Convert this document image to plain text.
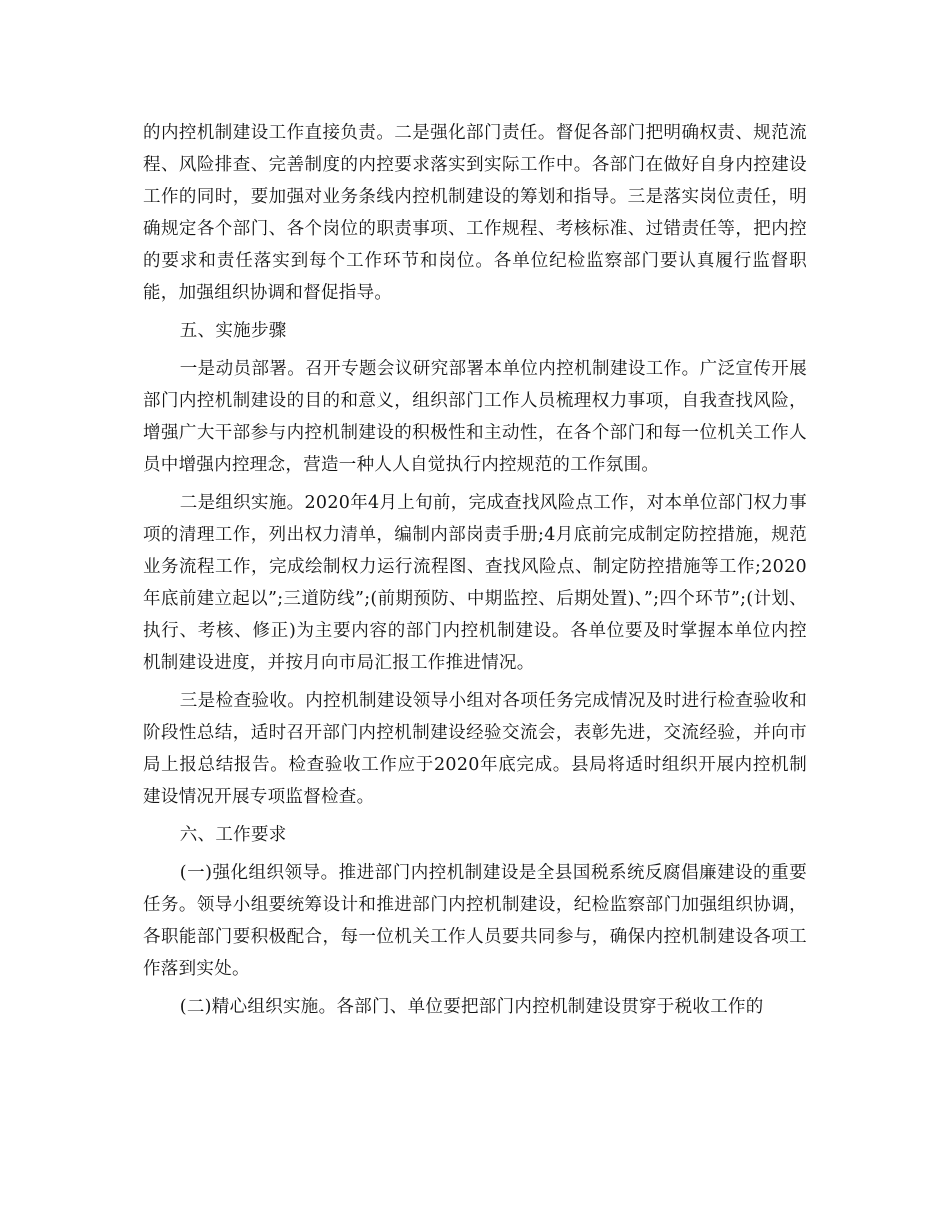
的内控机制建设工作直接负责。二是强化部门责任。督促各部门把明确权责、规范流程、风险排查、完善制度的内控要求落实到实际工作中。各部门在做好自身内控建设工作的同时，要加强对业务条线内控机制建设的筹划和指导。三是落实岗位责任，明确规定各个部门、各个岗位的职责事项、工作规程、考核标准、过错责任等，把内控的要求和责任落实到每个工作环节和岗位。各单位纪检监察部门要认真履行监督职能，加强组织协调和督促指导。

五、实施步骤

一是动员部署。召开专题会议研究部署本单位内控机制建设工作。广泛宣传开展部门内控机制建设的目的和意义，组织部门工作人员梳理权力事项，自我查找风险，增强广大干部参与内控机制建设的积极性和主动性，在各个部门和每一位机关工作人员中增强内控理念，营造一种人人自觉执行内控规范的工作氛围。

二是组织实施。2020年4月上旬前，完成查找风险点工作，对本单位部门权力事项的清理工作，列出权力清单，编制内部岗责手册;4月底前完成制定防控措施，规范业务流程工作，完成绘制权力运行流程图、查找风险点、制定防控措施等工作;2020年底前建立起以”;三道防线”;(前期预防、中期监控、后期处置)、”;四个环节”;(计划、执行、考核、修正)为主要内容的部门内控机制建设。各单位要及时掌握本单位内控机制建设进度，并按月向市局汇报工作推进情况。

三是检查验收。内控机制建设领导小组对各项任务完成情况及时进行检查验收和阶段性总结，适时召开部门内控机制建设经验交流会，表彰先进，交流经验，并向市局上报总结报告。检查验收工作应于2020年底完成。县局将适时组织开展内控机制建设情况开展专项监督检查。

六、工作要求

(一)强化组织领导。推进部门内控机制建设是全县国税系统反腐倡廉建设的重要任务。领导小组要统筹设计和推进部门内控机制建设，纪检监察部门加强组织协调，各职能部门要积极配合，每一位机关工作人员要共同参与，确保内控机制建设各项工作落到实处。

(二)精心组织实施。各部门、单位要把部门内控机制建设贯穿于税收工作的
